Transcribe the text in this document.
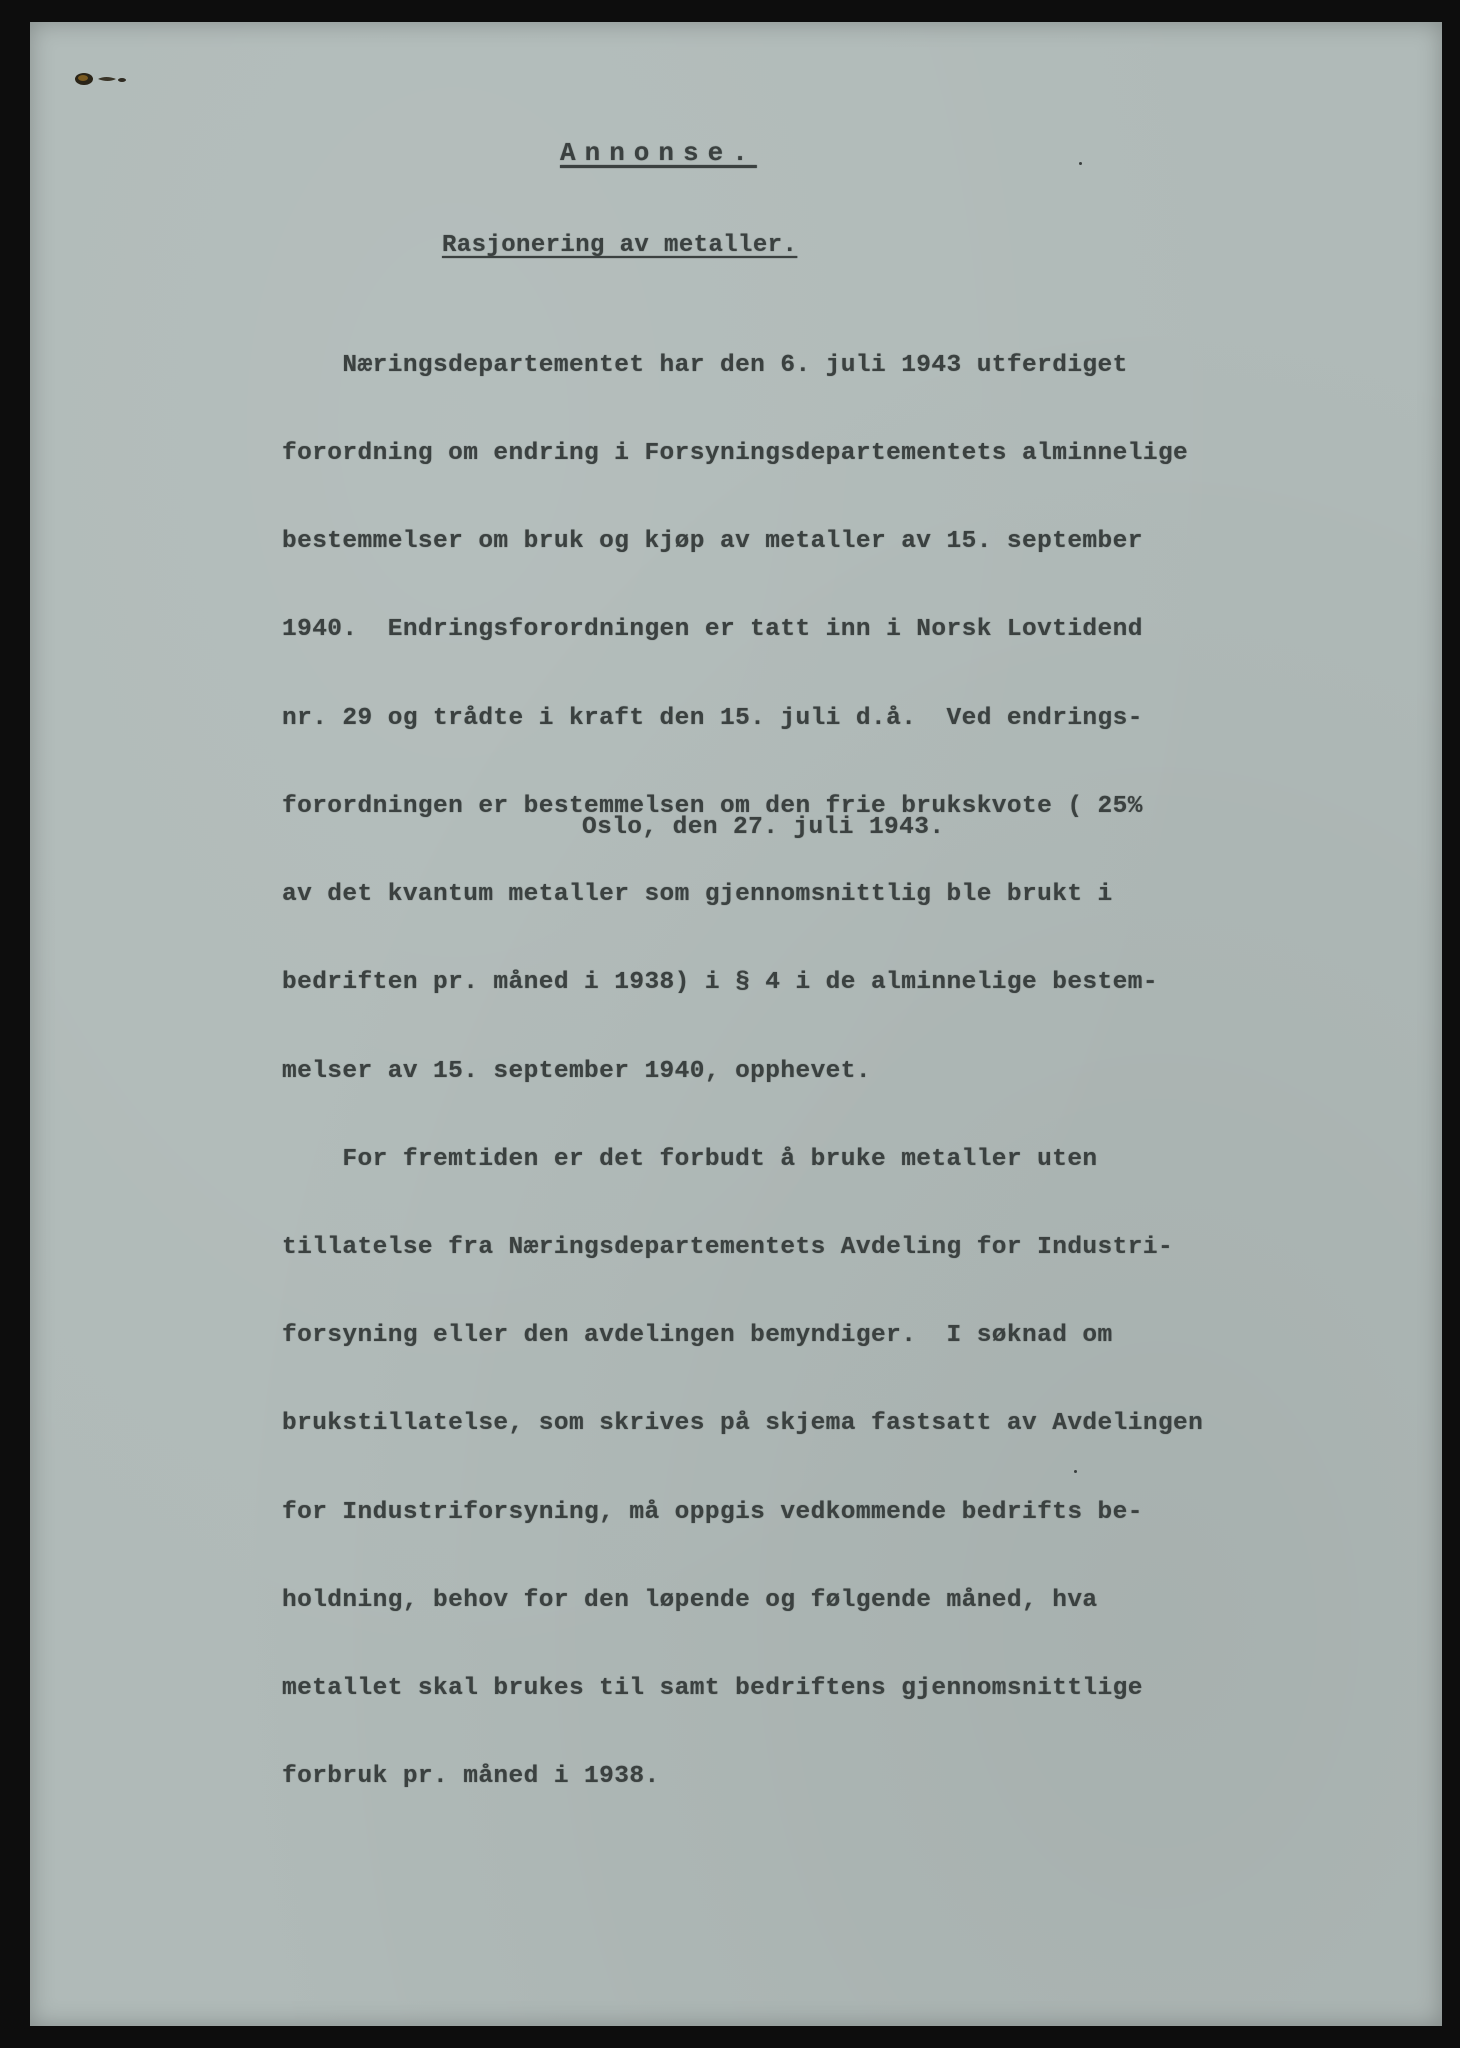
Annonse.
Rasjonering av metaller.

Næringsdepartementet har den 6. juli 1943 utferdiget

forordning om endring i Forsyningsdepartementets alminnelige

bestemmelser om bruk og kjøp av metaller av 15. september

1940.  Endringsforordningen er tatt inn i Norsk Lovtidend

nr. 29 og trådte i kraft den 15. juli d.å.  Ved endrings-

forordningen er bestemmelsen om den frie brukskvote ( 25%

av det kvantum metaller som gjennomsnittlig ble brukt i

bedriften pr. måned i 1938) i § 4 i de alminnelige bestem-

melser av 15. september 1940, opphevet.

For fremtiden er det forbudt å bruke metaller uten

tillatelse fra Næringsdepartementets Avdeling for Industri-

forsyning eller den avdelingen bemyndiger.  I søknad om

brukstillatelse, som skrives på skjema fastsatt av Avdelingen

for Industriforsyning, må oppgis vedkommende bedrifts be-

holdning, behov for den løpende og følgende måned, hva

metallet skal brukes til samt bedriftens gjennomsnittlige

forbruk pr. måned i 1938.

Oslo, den 27. juli 1943.
